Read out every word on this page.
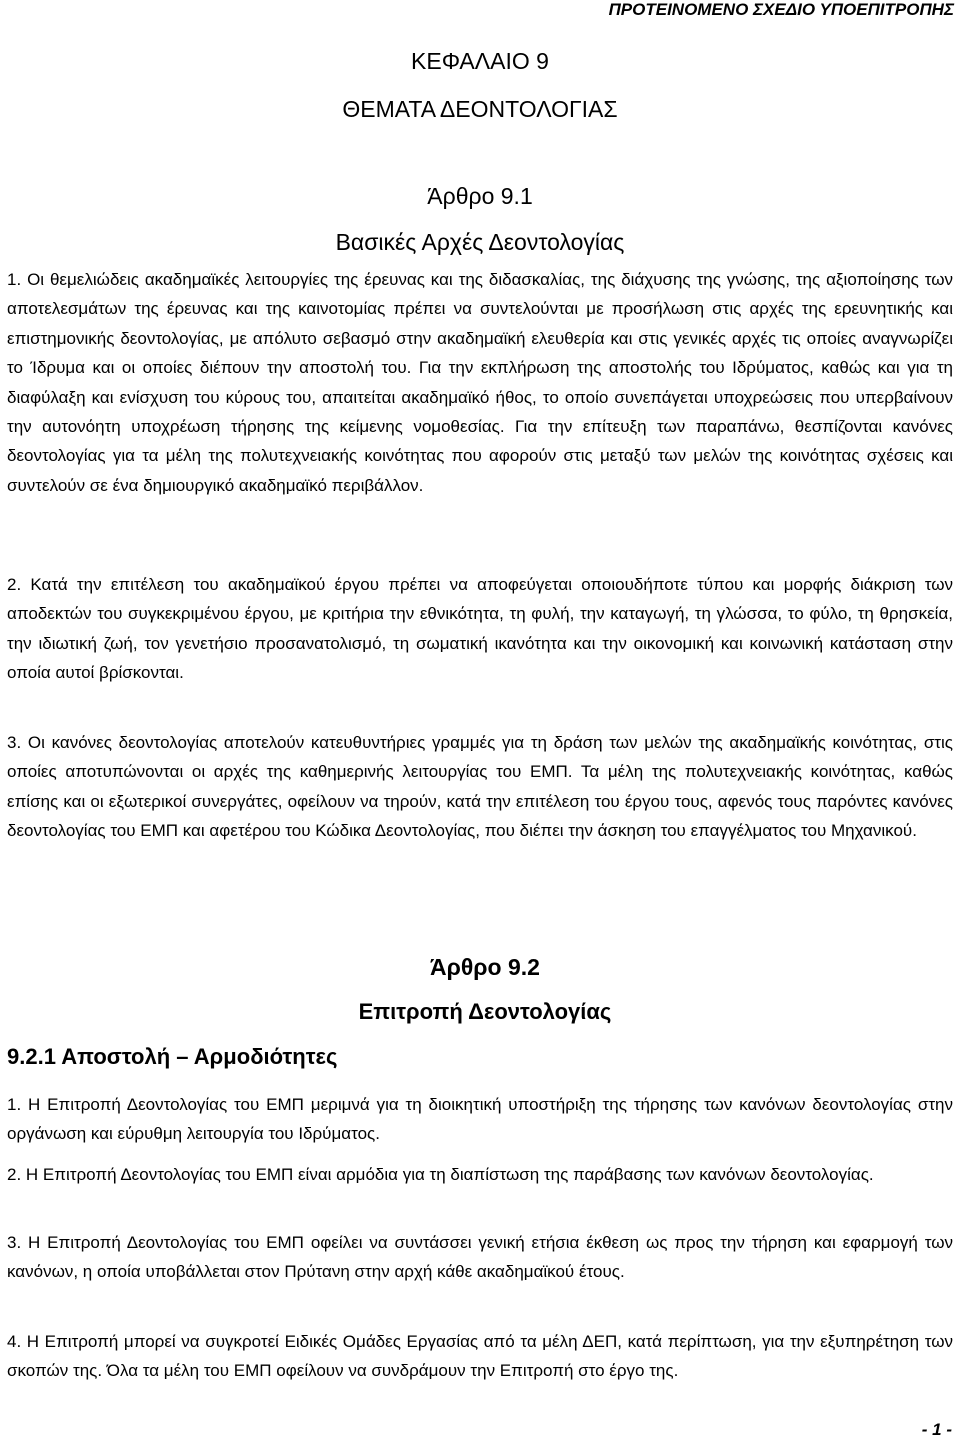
ΠΡΟΤΕΙΝΟΜΕΝΟ ΣΧΕΔΙΟ ΥΠΟΕΠΙΤΡΟΠΗΣ
ΚΕΦΑΛΑΙΟ 9
ΘΕΜΑΤΑ ΔΕΟΝΤΟΛΟΓΙΑΣ
Άρθρο 9.1
Βασικές Αρχές Δεοντολογίας

1. Οι θεμελιώδεις ακαδημαϊκές λειτουργίες της έρευνας και της διδασκαλίας, της διάχυσης της γνώσης, της αξιοποίησης των αποτελεσμάτων της έρευνας και της καινοτομίας πρέπει να συντελούνται με προσήλωση στις αρχές της ερευνητικής και επιστημονικής δεοντολογίας, με απόλυτο σεβασμό στην ακαδημαϊκή ελευθερία και στις γενικές αρχές τις οποίες αναγνωρίζει το Ίδρυμα και οι οποίες διέπουν την αποστολή του. Για την εκπλήρωση της αποστολής του Ιδρύματος, καθώς και για τη διαφύλαξη και ενίσχυση του κύρους του, απαιτείται ακαδημαϊκό ήθος, το οποίο συνεπάγεται υποχρεώσεις που υπερβαίνουν την αυτονόητη υποχρέωση τήρησης της κείμενης νομοθεσίας. Για την επίτευξη των παραπάνω, θεσπίζονται κανόνες δεοντολογίας για τα μέλη της πολυτεχνειακής κοινότητας που αφορούν στις μεταξύ των μελών της κοινότητας σχέσεις και συντελούν σε ένα δημιουργικό ακαδημαϊκό περιβάλλον.

2. Κατά την επιτέλεση του ακαδημαϊκού έργου πρέπει να αποφεύγεται οποιουδήποτε τύπου και μορφής διάκριση των αποδεκτών του συγκεκριμένου έργου, με κριτήρια την εθνικότητα, τη φυλή, την καταγωγή, τη γλώσσα, το φύλο, τη θρησκεία, την ιδιωτική ζωή, τον γενετήσιο προσανατολισμό, τη σωματική ικανότητα και την οικονομική και κοινωνική κατάσταση στην οποία αυτοί βρίσκονται.

3. Οι κανόνες δεοντολογίας αποτελούν κατευθυντήριες γραμμές για τη δράση των μελών της ακαδημαϊκής κοινότητας, στις οποίες αποτυπώνονται οι αρχές της καθημερινής λειτουργίας του ΕΜΠ. Τα μέλη της πολυτεχνειακής κοινότητας, καθώς επίσης και οι εξωτερικοί συνεργάτες, οφείλουν να τηρούν, κατά την επιτέλεση του έργου τους, αφενός τους παρόντες κανόνες δεοντολογίας του ΕΜΠ και αφετέρου του Κώδικα Δεοντολογίας, που διέπει την άσκηση του επαγγέλματος του Μηχανικού.

Άρθρο 9.2
Επιτροπή Δεοντολογίας
9.2.1 Αποστολή – Αρμοδιότητες

1. Η Επιτροπή Δεοντολογίας του ΕΜΠ μεριμνά για τη διοικητική υποστήριξη της τήρησης των κανόνων δεοντολογίας στην οργάνωση και εύρυθμη λειτουργία του Ιδρύματος.

2. Η Επιτροπή Δεοντολογίας του ΕΜΠ είναι αρμόδια για τη διαπίστωση της παράβασης των κανόνων δεοντολογίας.

3. Η Επιτροπή Δεοντολογίας του ΕΜΠ οφείλει να συντάσσει γενική ετήσια έκθεση ως προς την τήρηση και εφαρμογή των κανόνων, η οποία υποβάλλεται στον Πρύτανη στην αρχή κάθε ακαδημαϊκού έτους.

4. Η Επιτροπή μπορεί να συγκροτεί Ειδικές Ομάδες Εργασίας από τα μέλη ΔΕΠ, κατά περίπτωση, για την εξυπηρέτηση των σκοπών της. Όλα τα μέλη του ΕΜΠ οφείλουν να συνδράμουν την Επιτροπή στο έργο της.

- 1 -
